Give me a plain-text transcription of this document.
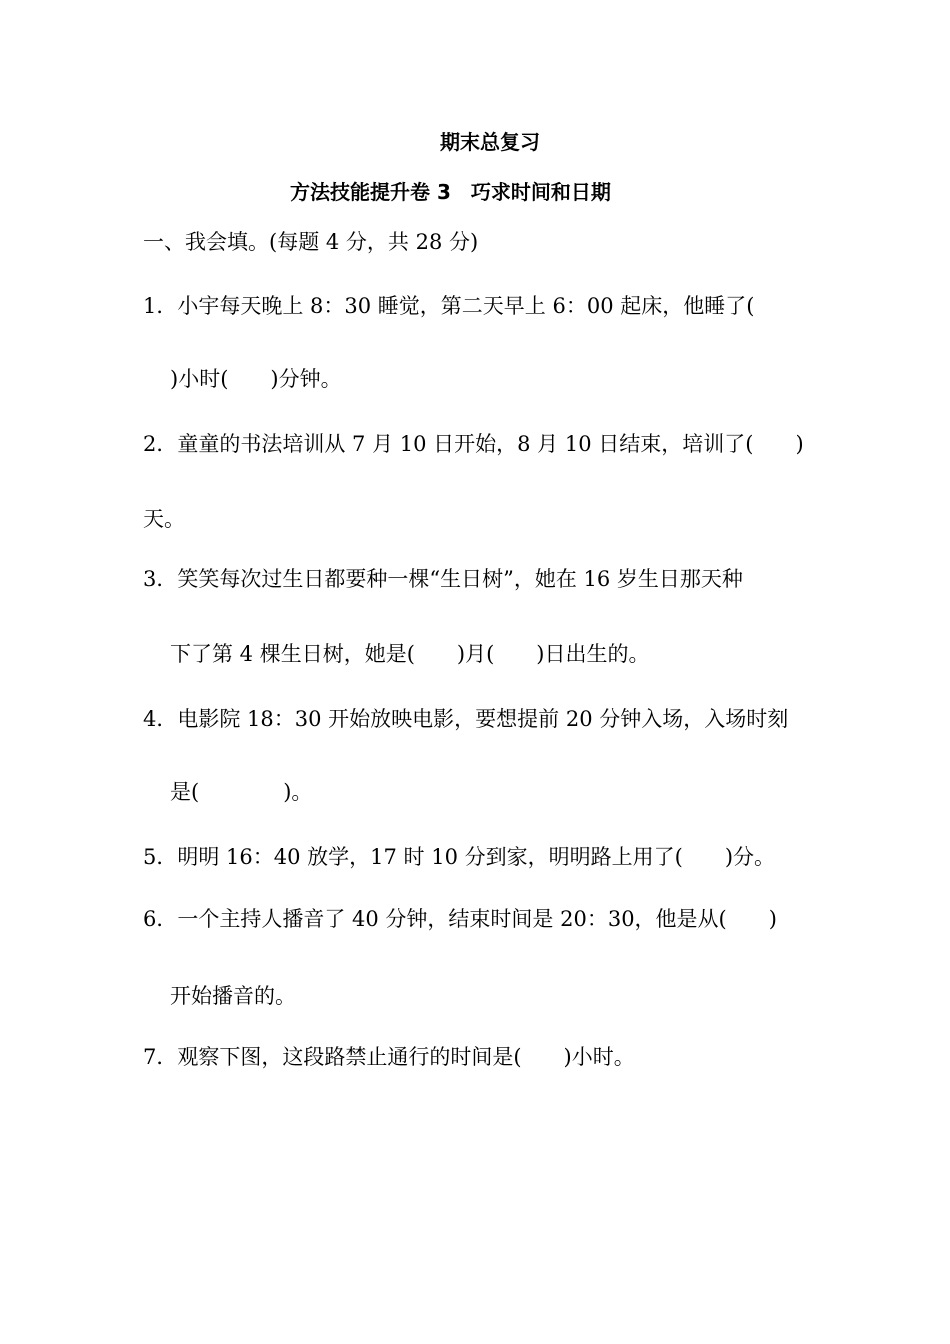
期末总复习
方法技能提升卷 3　巧求时间和日期
一、我会填。(每题 4 分，共 28 分)
1．小宇每天晚上 8：30 睡觉，第二天早上 6：00 起床，他睡了(
)小时(　　)分钟。
2．童童的书法培训从 7 月 10 日开始，8 月 10 日结束，培训了(　　)
天。
3．笑笑每次过生日都要种一棵“生日树”，她在 16 岁生日那天种
下了第 4 棵生日树，她是(　　)月(　　)日出生的。
4．电影院 18：30 开始放映电影，要想提前 20 分钟入场，入场时刻
是(　　　　)。
5．明明 16：40 放学，17 时 10 分到家，明明路上用了(　　)分。
6．一个主持人播音了 40 分钟，结束时间是 20：30，他是从(　　)
开始播音的。
7．观察下图，这段路禁止通行的时间是(　　)小时。
